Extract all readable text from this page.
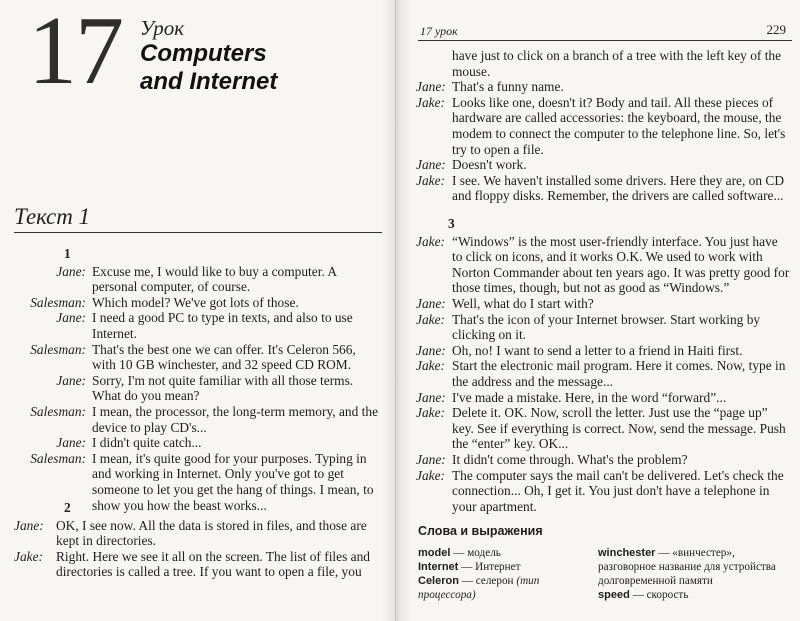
17 Урок
Computers
and Internet
Текст 1
1
Jane: Excuse me, I would like to buy a computer. A personal computer, of course.
Salesman: Which model? We've got lots of those.
Jane: I need a good PC to type in texts, and also to use Internet.
Salesman: That's the best one we can offer. It's Celeron 566, with 10 GB winchester, and 32 speed CD ROM.
Jane: Sorry, I'm not quite familiar with all those terms. What do you mean?
Salesman: I mean, the processor, the long-term memory, and the device to play CD's...
Jane: I didn't quite catch...
Salesman: I mean, it's quite good for your purposes. Typing in and working in Internet. Only you've got to get someone to let you get the hang of things. I mean, to show you how the beast works...
2
Jane: OK, I see now. All the data is stored in files, and those are kept in directories.
Jake: Right. Here we see it all on the screen. The list of files and directories is called a tree. If you want to open a file, you
17 урок	229
have just to click on a branch of a tree with the left key of the mouse.
Jane: That's a funny name.
Jake: Looks like one, doesn't it? Body and tail. All these pieces of hardware are called accessories: the keyboard, the mouse, the modem to connect the computer to the telephone line. So, let's try to open a file.
Jane: Doesn't work.
Jake: I see. We haven't installed some drivers. Here they are, on CD and floppy disks. Remember, the drivers are called software...
3
Jake: “Windows” is the most user-friendly interface. You just have to click on icons, and it works O.K. We used to work with Norton Commander about ten years ago. It was pretty good for those times, though, but not as good as “Windows.”
Jane: Well, what do I start with?
Jake: That's the icon of your Internet browser. Start working by clicking on it.
Jane: Oh, no! I want to send a letter to a friend in Haiti first.
Jake: Start the electronic mail program. Here it comes. Now, type in the address and the message...
Jane: I've made a mistake. Here, in the word “forward”...
Jake: Delete it. OK. Now, scroll the letter. Just use the “page up” key. See if everything is correct. Now, send the message. Push the “enter” key. OK...
Jane: It didn't come through. What's the problem?
Jake: The computer says the mail can't be delivered. Let's check the connection... Oh, I get it. You just don't have a telephone in your apartment.
Слова и выражения

model — модель

Internet — Интернет

Celeron — селерон (тип процессора)

winchester — «винчестер», разговорное название для устройства долговременной памяти

speed — скорость
